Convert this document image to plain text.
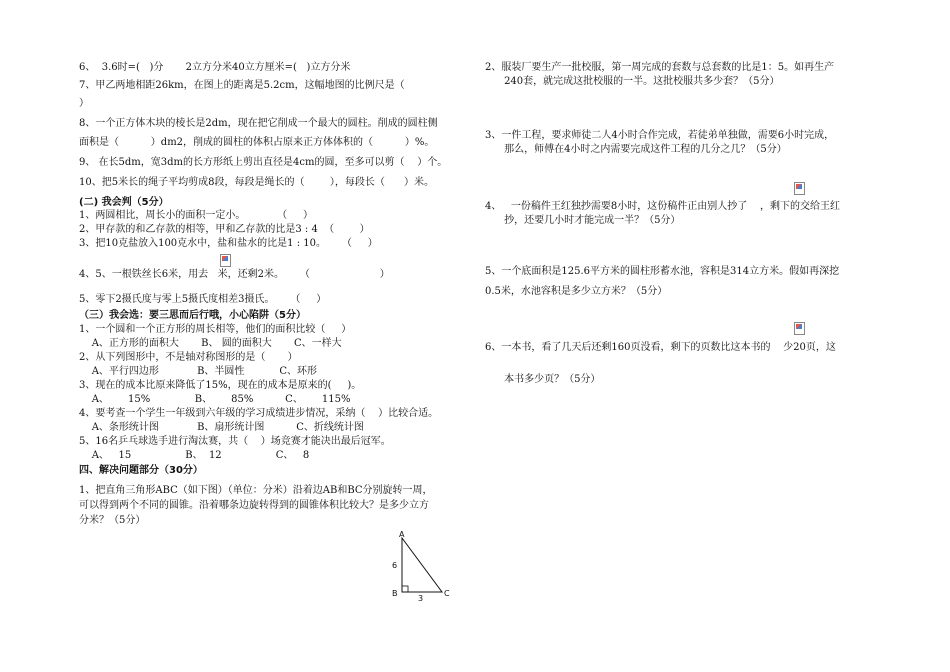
6、  3.6时=(   )分       2立方分米40立方厘米=(   )立方分米
7、甲乙两地相距26km，在图上的距离是5.2cm，这幅地图的比例尺是（
）
8、一个正方体木块的棱长是2dm，现在把它削成一个最大的圆柱。削成的圆柱侧
面积是（          ）dm2，削成的圆柱的体积占原来正方体体积的（          ）%。
9、 在长5dm，宽3dm的长方形纸上剪出直径是4cm的圆，至多可以剪（    ）个。
10、把5米长的绳子平均剪成8段，每段是绳长的（        ），每段长（      ）米。
(二) 我会判（5分）
1、两圆相比，周长小的面积一定小。          （     ）
2、甲存款的和乙存款的相等，甲和乙存款的比是3 : 4  （        ）
3、把10克盐放入100克水中，盐和盐水的比是1 : 10。     （     ）
4、5、一根铁丝长6米，用去   米，还剩2米。     （                      ）
5、零下2摄氏度与零上5摄氏度相差3摄氏。     （     ）
（三）我会选：要三思而后行哦，小心陷阱（5分）
1、一个圆和一个正方形的周长相等，他们的面积比较（     ）
A、正方形的面积大       B、 圆的面积大       C、一样大
2、从下列图形中，不是轴对称图形的是（       ）
A、平行四边形            B、半圆性           C、环形
3、现在的成本比原来降低了15%，现在的成本是原来的(     )。
A、      15%              B、      85%          C、      115%
4、要考查一个学生一年级到六年级的学习成绩进步情况，采纳（    ）比较合适。
A、条形统计图            B、扇形统计图          C、折线统计图
5、16名乒乓球选手进行淘汰赛，共（    ）场竞赛才能决出最后冠军。
A、   15                 B、  12                 C、   8
四、解决问题部分（30分）
1、把直角三角形ABC（如下图）（单位：分米）沿着边AB和BC分别旋转一周，
可以得到两个不同的圆锥。沿着哪条边旋转得到的圆锥体积比较大？是多少立方
分米？（5分）
A
B	C
6
3
2、服装厂要生产一批校服，第一周完成的套数与总套数的比是1：5。如再生产
240套，就完成这批校服的一半。这批校服共多少套？（5分）
3、一件工程，要求师徒二人4小时合作完成，若徒弟单独做，需要6小时完成，
那么，师傅在4小时之内需要完成这件工程的几分之几？（5分）
4、   一份稿件王红独抄需要8小时，这份稿件正由别人抄了    ，剩下的交给王红
抄，还要几小时才能完成一半？（5分）
5、一个底面积是125.6平方米的圆柱形蓄水池，容积是314立方米。假如再深挖
0.5米，水池容积是多少立方米？（5分）
6、一本书，看了几天后还剩160页没看，剩下的页数比这本书的    少20页，这
本书多少页？（5分）
